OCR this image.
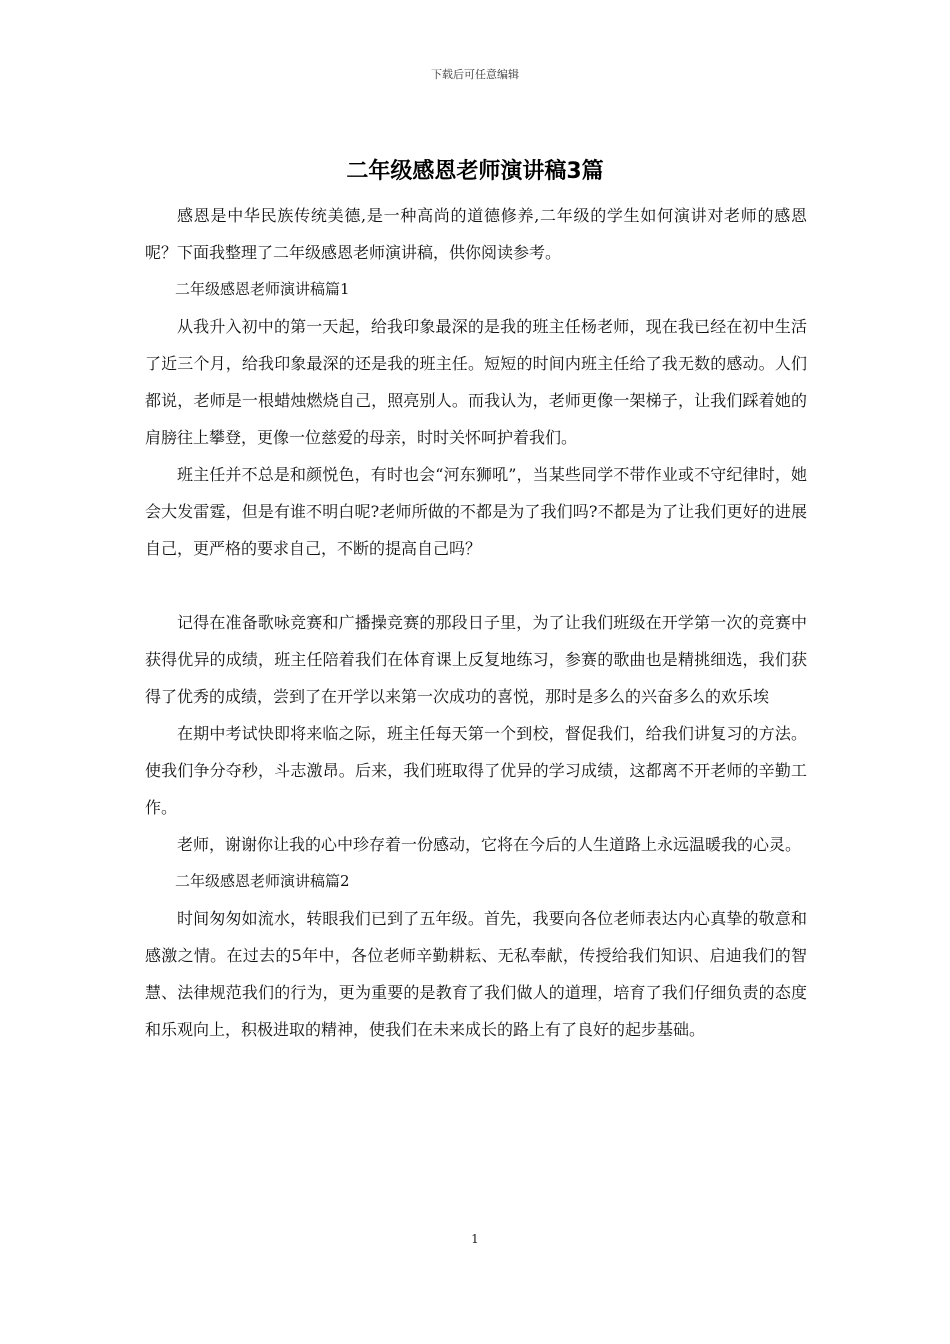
下载后可任意编辑
二年级感恩老师演讲稿3篇

感恩是中华民族传统美德,是一种高尚的道德修养,二年级的学生如何演讲对老师的感恩呢？下面我整理了二年级感恩老师演讲稿，供你阅读参考。

二年级感恩老师演讲稿篇1

从我升入初中的第一天起，给我印象最深的是我的班主任杨老师，现在我已经在初中生活了近三个月，给我印象最深的还是我的班主任。短短的时间内班主任给了我无数的感动。人们都说，老师是一根蜡烛燃烧自己，照亮别人。而我认为，老师更像一架梯子，让我们踩着她的肩膀往上攀登，更像一位慈爱的母亲，时时关怀呵护着我们。

班主任并不总是和颜悦色，有时也会“河东狮吼”，当某些同学不带作业或不守纪律时，她会大发雷霆，但是有谁不明白呢?老师所做的不都是为了我们吗?不都是为了让我们更好的进展自己，更严格的要求自己，不断的提高自己吗？

记得在准备歌咏竞赛和广播操竞赛的那段日子里，为了让我们班级在开学第一次的竞赛中获得优异的成绩，班主任陪着我们在体育课上反复地练习，参赛的歌曲也是精挑细选，我们获得了优秀的成绩，尝到了在开学以来第一次成功的喜悦，那时是多么的兴奋多么的欢乐埃

在期中考试快即将来临之际，班主任每天第一个到校，督促我们，给我们讲复习的方法。使我们争分夺秒，斗志激昂。后来，我们班取得了优异的学习成绩，这都离不开老师的辛勤工作。

老师，谢谢你让我的心中珍存着一份感动，它将在今后的人生道路上永远温暖我的心灵。

二年级感恩老师演讲稿篇2

时间匆匆如流水，转眼我们已到了五年级。首先，我要向各位老师表达内心真挚的敬意和感激之情。在过去的5年中，各位老师辛勤耕耘、无私奉献，传授给我们知识、启迪我们的智慧、法律规范我们的行为，更为重要的是教育了我们做人的道理，培育了我们仔细负责的态度和乐观向上，积极进取的精神，使我们在未来成长的路上有了良好的起步基础。

1
